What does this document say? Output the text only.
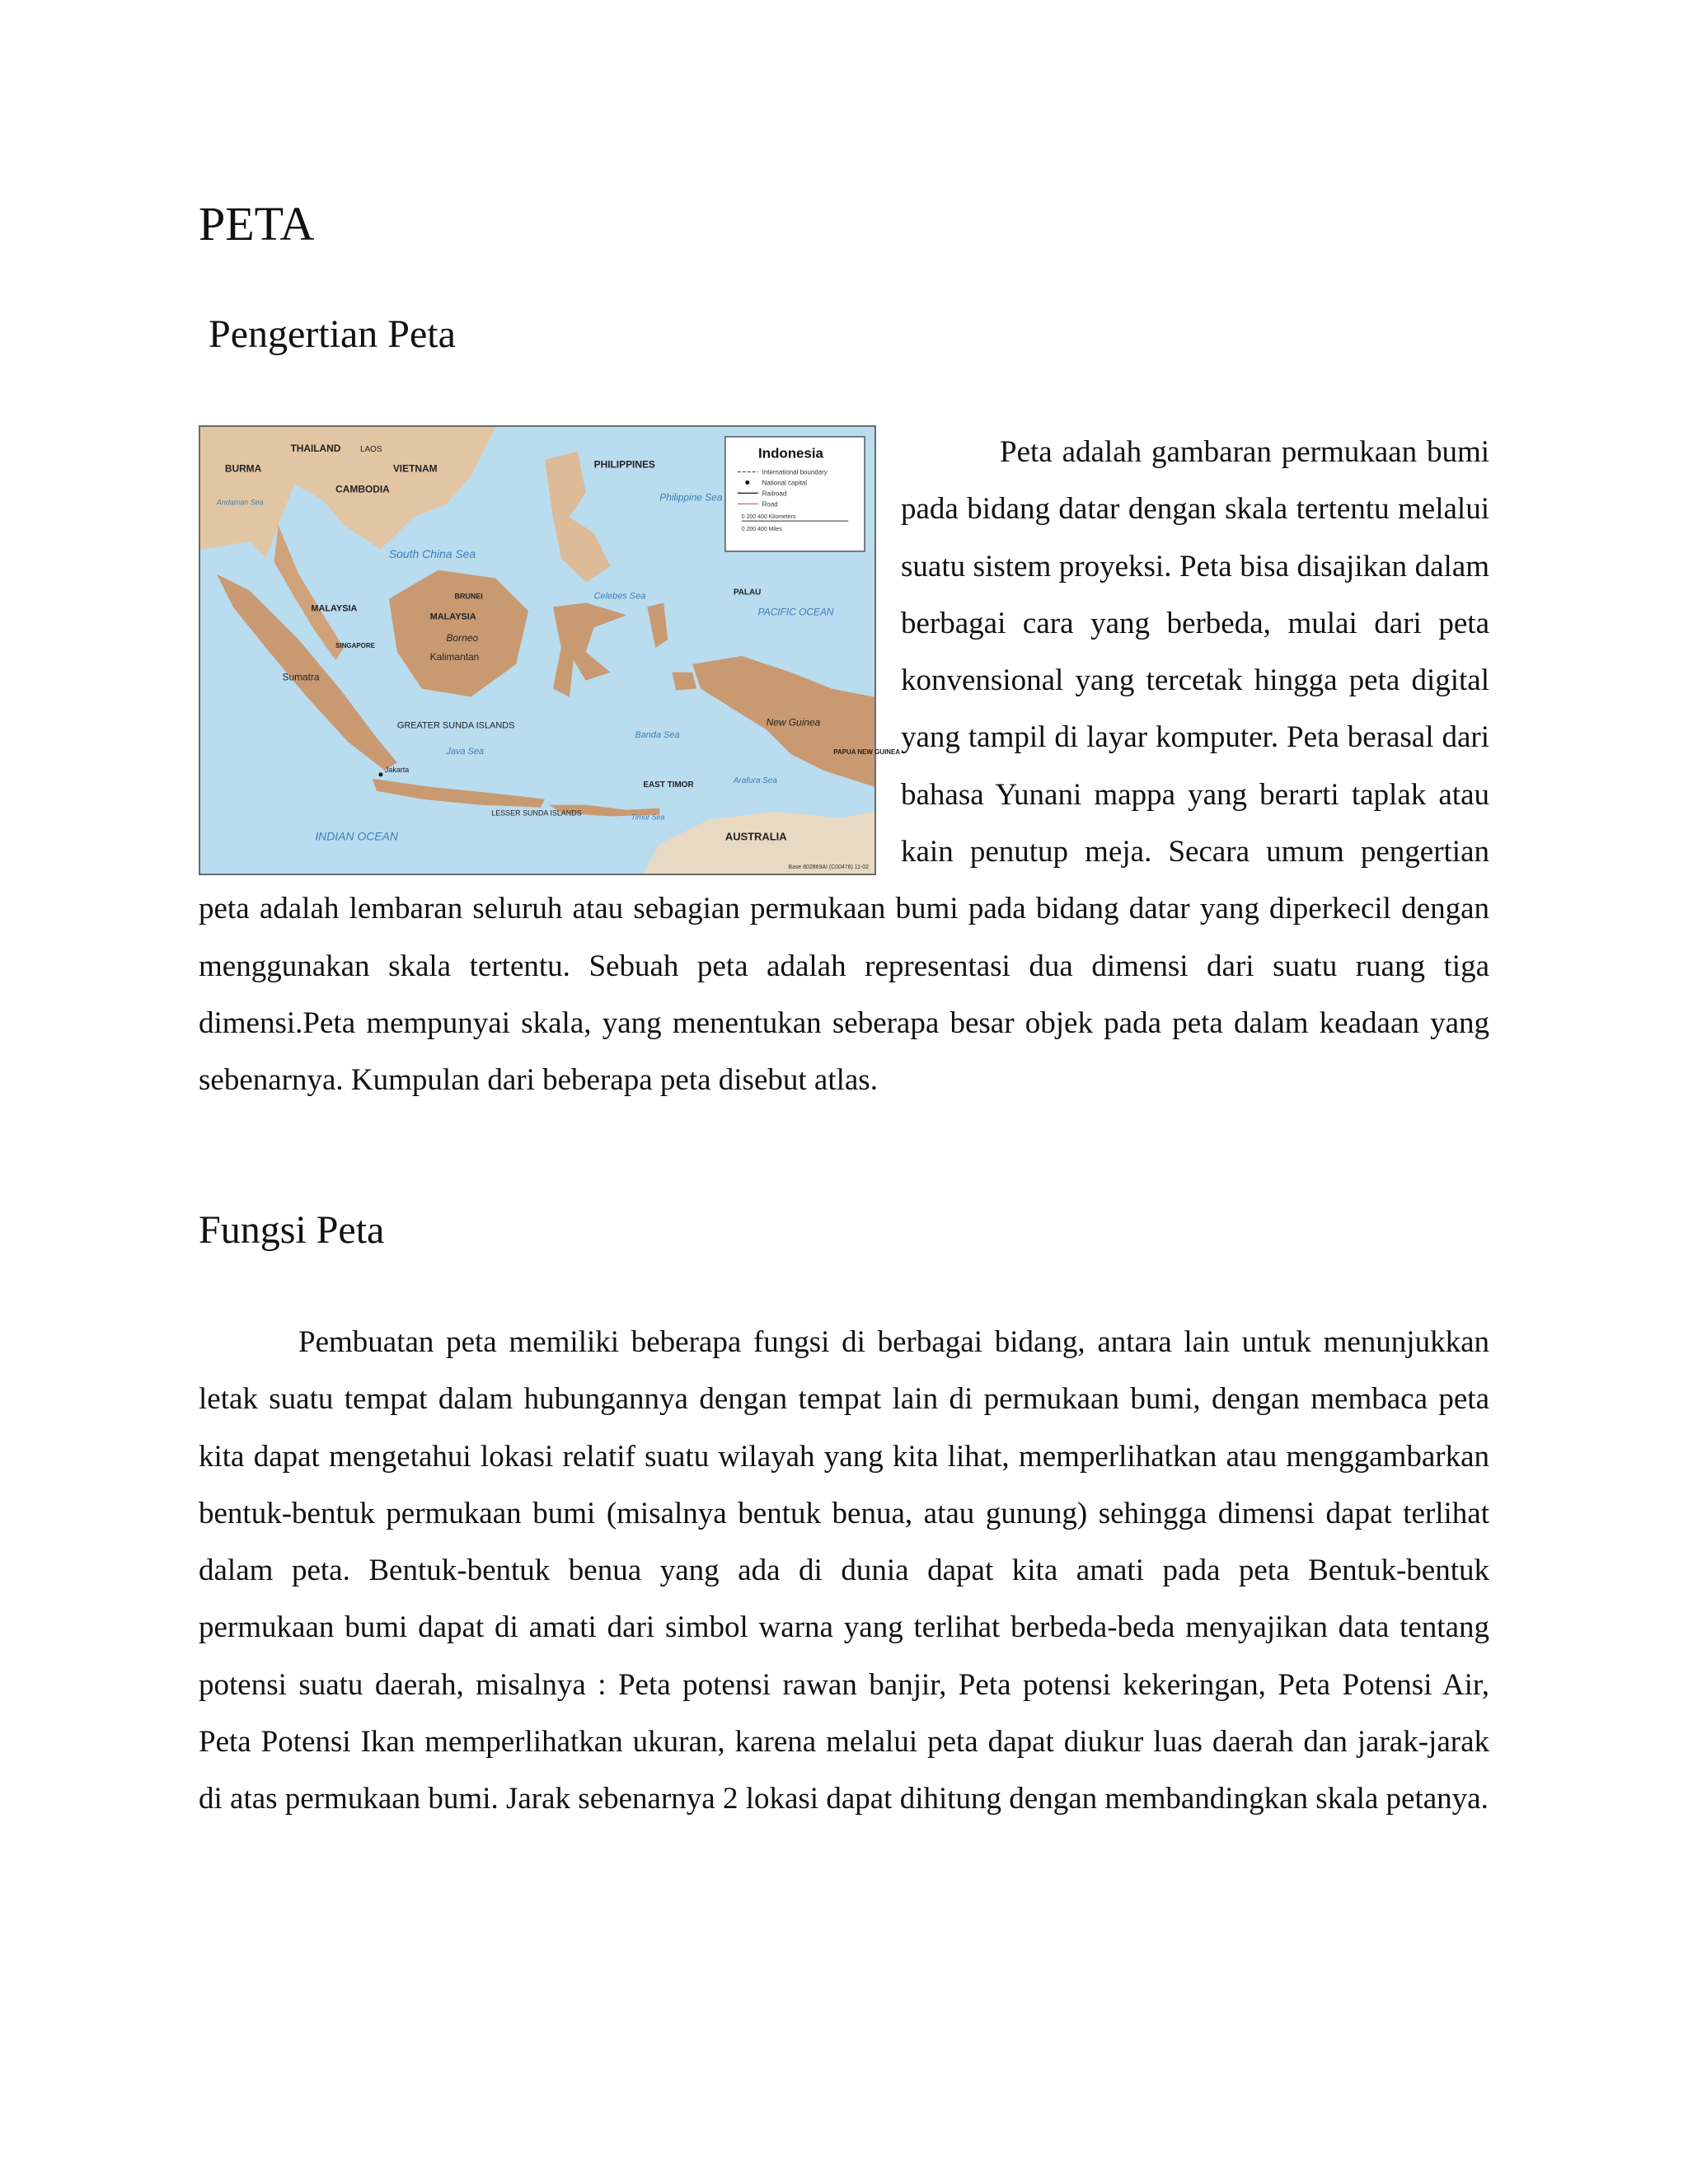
PETA
Pengertian Peta
Indonesia
International boundary
National capital
Railroad
Road
0 200 400 Kilometers
0 200 400 Miles
BURMA
THAILAND LAOS
VIETNAM
CAMBODIA
PHILIPPINES
South China Sea
Philippine Sea
MALAYSIA
MALAYSIA
BRUNEI
SINGAPORE
Sumatra
Borneo
Kalimantan
Java Sea
Celebes Sea
PACIFIC OCEAN
PALAU
Banda Sea
New Guinea
PAPUA NEW GUINEA
EAST TIMOR	Arafura Sea
GREATER SUNDA ISLANDS
LESSER SUNDA ISLANDS
INDIAN OCEAN	AUSTRALIA
Timor Sea
Andaman Sea
Jakarta
Base 802869AI (C00476) 11-02
Peta adalah gambaran permukaan bumi pada bidang datar dengan skala tertentu melalui suatu sistem proyeksi. Peta bisa disajikan dalam berbagai cara yang berbeda, mulai dari peta konvensional yang tercetak hingga peta digital yang tampil di layar komputer. Peta berasal dari bahasa Yunani mappa yang berarti taplak atau kain penutup meja. Secara umum pengertian peta adalah lembaran seluruh atau sebagian permukaan bumi pada bidang datar yang diperkecil dengan menggunakan skala tertentu. Sebuah peta adalah representasi dua dimensi dari suatu ruang tiga dimensi.Peta mempunyai skala, yang menentukan seberapa besar objek pada peta dalam keadaan yang sebenarnya. Kumpulan dari beberapa peta disebut atlas.
Fungsi Peta

Pembuatan peta memiliki beberapa fungsi di berbagai bidang, antara lain untuk menunjukkan letak suatu tempat dalam hubungannya dengan tempat lain di permukaan bumi, dengan membaca peta kita dapat mengetahui lokasi relatif suatu wilayah yang kita lihat, memperlihatkan atau menggambarkan bentuk-bentuk permukaan bumi (misalnya bentuk benua, atau gunung) sehingga dimensi dapat terlihat dalam peta. Bentuk-bentuk benua yang ada di dunia dapat kita amati pada peta Bentuk-bentuk permukaan bumi dapat di amati dari simbol warna yang terlihat berbeda-beda menyajikan data tentang potensi suatu daerah, misalnya : Peta potensi rawan banjir, Peta potensi kekeringan, Peta Potensi Air, Peta Potensi Ikan memperlihatkan ukuran, karena melalui peta dapat diukur luas daerah dan jarak-jarak di atas permukaan bumi. Jarak sebenarnya 2 lokasi dapat dihitung dengan membandingkan skala petanya.
